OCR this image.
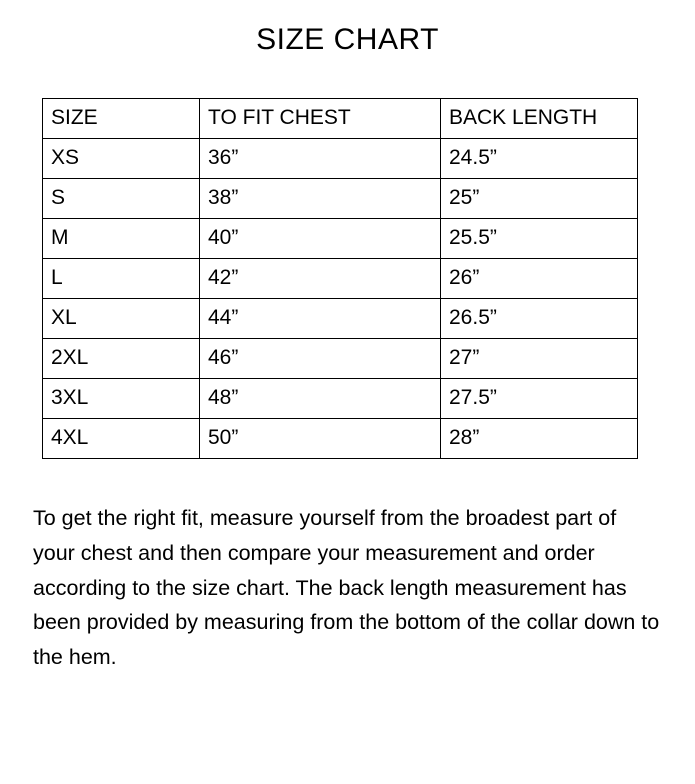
SIZE CHART
SIZE	TO FIT CHEST	BACK LENGTH
XS	36”	24.5”
S	38”	25”
M	40”	25.5”
L	42”	26”
XL	44”	26.5”
2XL	46”	27”
3XL	48”	27.5”
4XL	50”	28”

To get the right fit, measure yourself from the broadest part of your chest and then compare your measurement and order according to the size chart. The back length measurement has been provided by measuring from the bottom of the collar down to the hem.
